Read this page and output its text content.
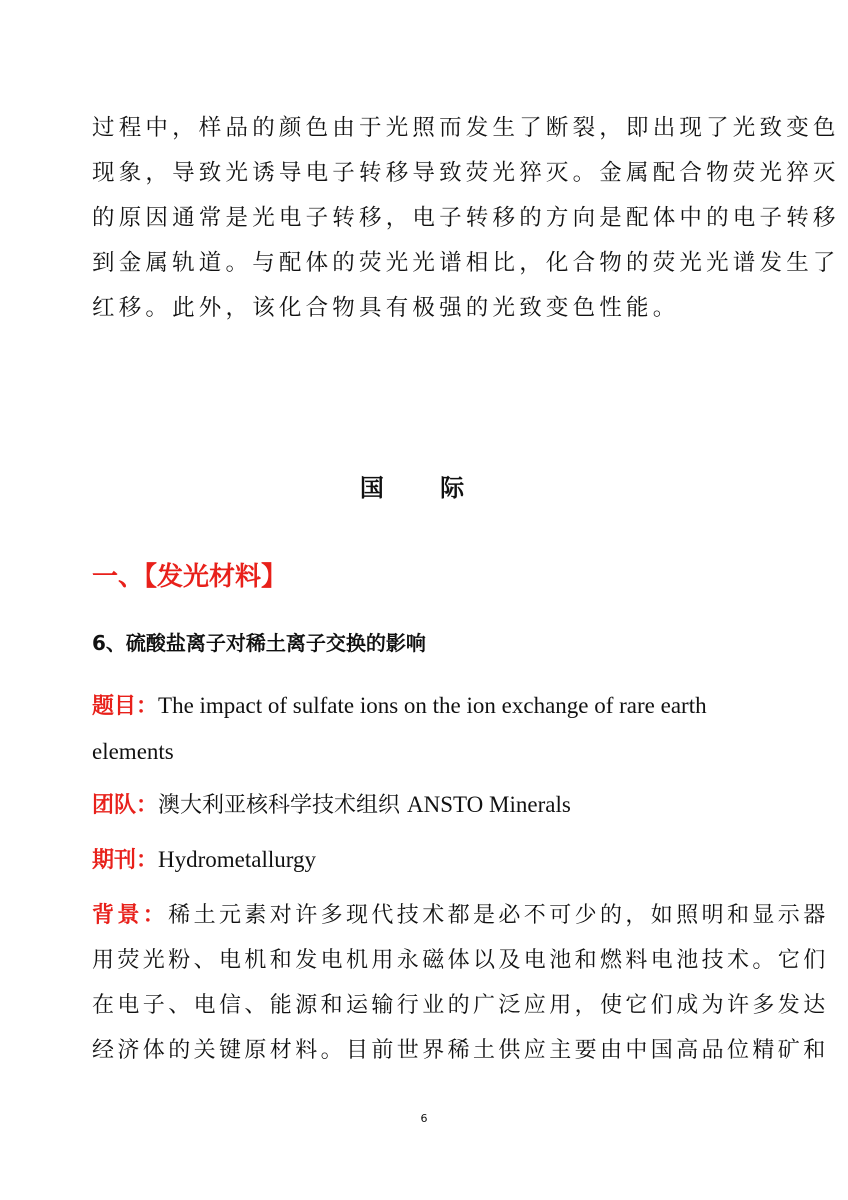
过程中，样品的颜色由于光照而发生了断裂，即出现了光致变色
现象，导致光诱导电子转移导致荧光猝灭。金属配合物荧光猝灭
的原因通常是光电子转移，电子转移的方向是配体中的电子转移
到金属轨道。与配体的荧光光谱相比，化合物的荧光光谱发生了
红移。此外，该化合物具有极强的光致变色性能。

国 际
一、【发光材料】
6、硫酸盐离子对稀土离子交换的影响

题目：The impact of sulfate ions on the ion exchange of rare earth
elements

团队：澳大利亚核科学技术组织 ANSTO Minerals

期刊：Hydrometallurgy

背景：稀土元素对许多现代技术都是必不可少的，如照明和显示器
用荧光粉、电机和发电机用永磁体以及电池和燃料电池技术。它们
在电子、电信、能源和运输行业的广泛应用，使它们成为许多发达
经济体的关键原材料。目前世界稀土供应主要由中国高品位精矿和

6
